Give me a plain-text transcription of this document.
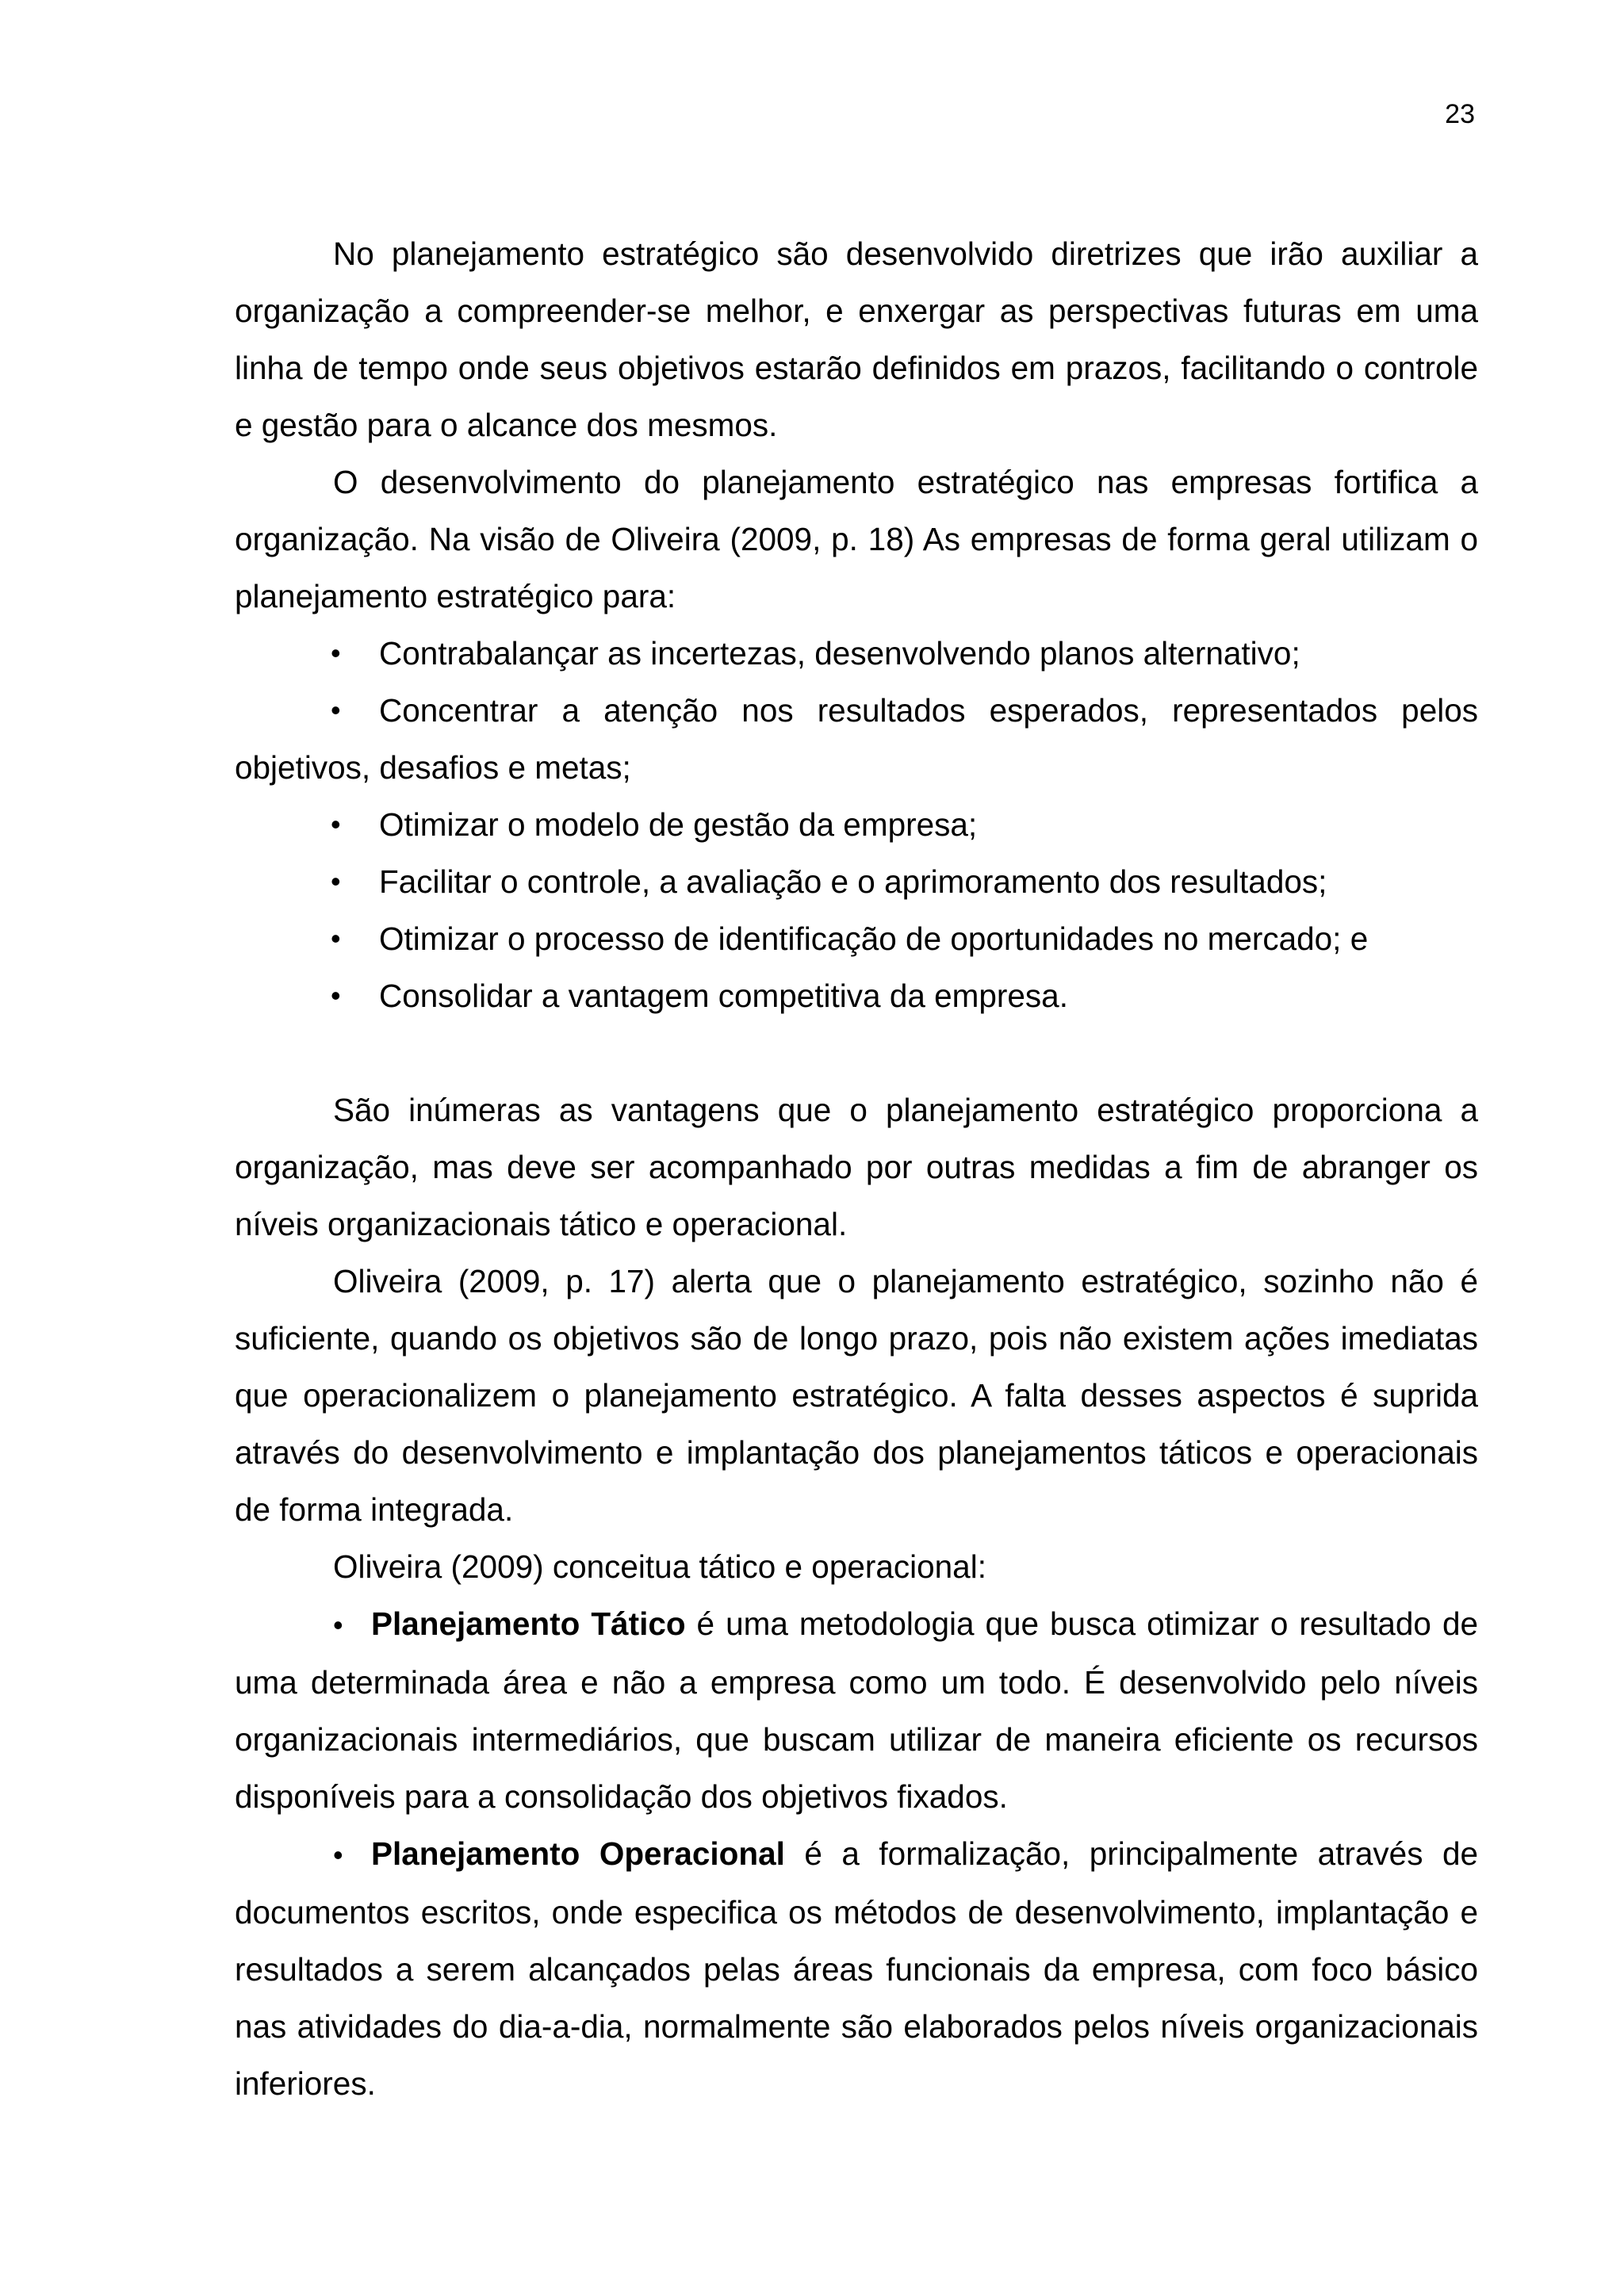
23

No planejamento estratégico são desenvolvido diretrizes que irão auxiliar a organização a compreender-se melhor, e enxergar as perspectivas futuras em uma linha de tempo onde seus objetivos estarão definidos em prazos, facilitando o controle e gestão para o alcance dos mesmos.

O desenvolvimento do planejamento estratégico nas empresas fortifica a organização. Na visão de Oliveira (2009, p. 18) As empresas de forma geral utilizam o planejamento estratégico para:

• Contrabalançar as incertezas, desenvolvendo planos alternativo;
• Concentrar a atenção nos resultados esperados, representados pelos objetivos, desafios e metas;
• Otimizar o modelo de gestão da empresa;
• Facilitar o controle, a avaliação e o aprimoramento dos resultados;
• Otimizar o processo de identificação de oportunidades no mercado; e
• Consolidar a vantagem competitiva da empresa.

São inúmeras as vantagens que o planejamento estratégico proporciona a organização, mas deve ser acompanhado por outras medidas a fim de abranger os níveis organizacionais tático e operacional.

Oliveira (2009, p. 17) alerta que o planejamento estratégico, sozinho não é suficiente, quando os objetivos são de longo prazo, pois não existem ações imediatas que operacionalizem o planejamento estratégico. A falta desses aspectos é suprida através do desenvolvimento e implantação dos planejamentos táticos e operacionais de forma integrada.

Oliveira (2009) conceitua tático e operacional:

• Planejamento Tático é uma metodologia que busca otimizar o resultado de uma determinada área e não a empresa como um todo. É desenvolvido pelo níveis organizacionais intermediários, que buscam utilizar de maneira eficiente os recursos disponíveis para a consolidação dos objetivos fixados.

• Planejamento Operacional é a formalização, principalmente através de documentos escritos, onde especifica os métodos de desenvolvimento, implantação e resultados a serem alcançados pelas áreas funcionais da empresa, com foco básico nas atividades do dia-a-dia, normalmente são elaborados pelos níveis organizacionais inferiores.
